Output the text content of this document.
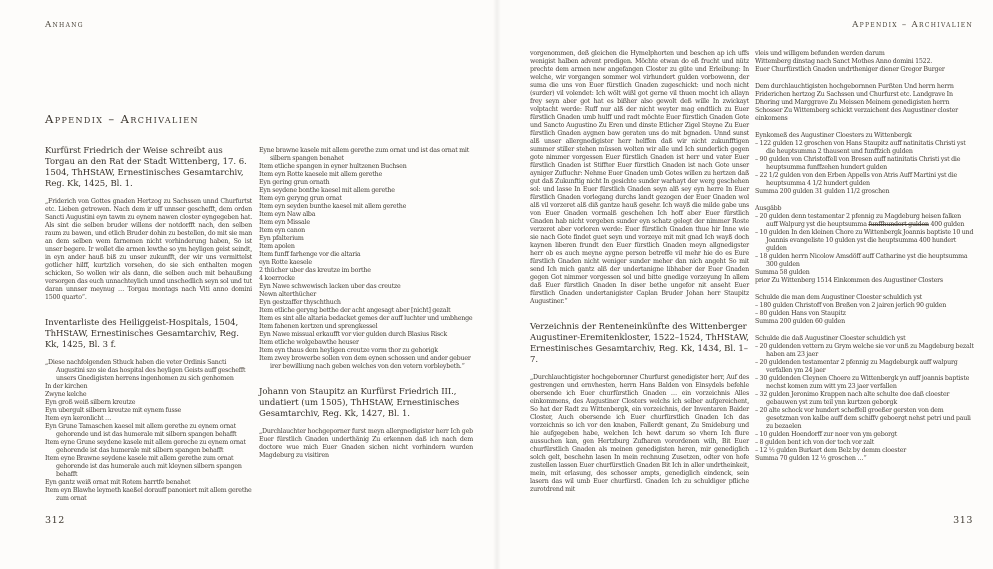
Anhang
Appendix – Archivalien
Kurfürst Friedrich der Weise schreibt aus Torgau an den Rat der Stadt Wittenberg, 17. 6. 1504, ThHStAW, Ernestinisches Gesamtarchiv, Reg. Kk, 1425, Bl. 1.

„Friderich von Gottes gnaden Hertzog zu Sachssen unnd Churfurtst etc. Lieben getrewen. Nach dem ir uff unnser geschefft, dem orden Sancti Augustini eyn tawm zu eynem nawen closter eyngegeben hat. Als sint die selben bruder willens der notdorfft nach, den selben raum zu bawen, und etlich Bruder dohin zu bestellen, do mit sie man an dem selben wem farnemen nicht vorhinderung haben, So ist unser begere. Ir wollet die armen lewthe so ym heyligen geist seindt, in eyn ander hauß biß zu unser zukunfft, der wir uns vermittelst gotlicher hilff, kurtzlich vorsehen, do sie sich enthalten mogen schicken, So wollen wir als dann, die selben auch mit behaußung versorgen das euch unnachteylich unnd unschedlich seyn sol und tut daran unnser meynug … Torgau montags nach Viti anno domini 1500 quarto“.

Inventarliste des Heiliggeist-Hospitals, 1504, ThHStAW, Ernestinisches Gesamtarchiv, Reg. Kk, 1425, Bl. 3 f.
„Diese nachfolgenden Sthuck haben die veter Ordinis Sancti Augustini szo sie das hospital des heyligen Geists auff geschefft unsers Gnedigisten herrens ingenhomen zu sich genhomen
In der kirchen
Zwyne kelche
Eyn groß weiß silbern kreutze
Eyn ubergult silbern kreutze mit eynem fusse
Item eyn keronlicht …
Eyn Grune Tamaschen kaesel mit allem gerethe zu eynem ornat gehorende und ist das humerale mit silbern spangen behafft
Item eyne Grune seydene kasele mit allem gereche zu eynem ornat gehorende ist das humerale mit silbern spangen behafft
Item eyne Brawne seydene kasele mit allem gerethe zum ornat gehorende ist das humerale auch mit kleynen silbern spangen behafft
Eyn gantz weiß ornat mit Rotem harrtfe benahet
Item eyn Blawhe leymeth kaeßel dorauff panoniert mit allem gerethe zum ornat
Eyne brawne kasele mit allem gerethe zum ornat und ist das ornat mit silbern spangen benahet
Item etliche spangen in eyner hultzenen Buchsen
Item eyn Rotte kaesele mit allem gerethe
Eyn gering grun ornath
Eyn seydene bonthe kaesel mit allem gerethe
Item eyn geryng grun ornat
Item eyn seyden bunthe kaesel mit allem gerethe
Item eyn Naw alba
Item eyn Missale
Item eyn canon
Eyn pfalterium
Item apolen
Item funff farhenge vor die altaria
eyn Rotte kaesele
2 thücher uber das kreutze im borthe
4 koerrocke
Eyn Nawe schwewisch lacken uber das creutze
Newn alterthücher
Eyn gestzaffer thyschthuch
Item etliche geryng betthe der acht angesagt aber [nicht] gezalt
Item es sint alle altaria bedacket gemes der auff luchter und umbhenge
Item fahenen kertzen und sprengkessel
Eyn Nawe missual erkaufft vor vier gulden durch Blasius Risck
Item etliche wolgebawthe heuser
Item eyn thaus dem heyligen creutze vorm thor zu gehorigk
Item zwey browerbe sollen von dem eynen schossen und ander gebuer irer bewilliung nach geben welches von den vetern vorbleybeth.“
Johann von Staupitz an Kurfürst Friedrich III., undatiert (um 1505), ThHStAW, Ernestinisches Gesamtarchiv, Reg. Kk, 1427, Bl. 1.

„Durchlauchter hochgeporner furst meyn allergnedigister herr Ich geb Euer fürstlich Gnaden underthänig Zu erkennen daß ich nach dem doctore wue mich Euer Gnaden sichen nicht vorhindern wurden Magdeburg zu visitiren

312
Appendix – Archivalien

vorgenommen, deß gleichen die Hymelphorten und beschen ap ich uffs wenigist halben advent predigen. Möchte etwan do eß frucht und nütz prechte dem armen new angefangen Closter zu güte und Erleibung: In welche, wir vorgangen sommer wol virhundert gulden vorbowenn, der suma die uns von Euer fürstlich Gnaden zugeschickt: und noch nicht (surder) vil volendet: Ich wölt wißl got gerne vil thuen mocht ich allayn frey seyn aber got hat es bißher also gewolt deß wille In zwickayt volptacht werde: Ruff nur alß der nicht weyter mag endtlich zu Euer fürstlich Gnaden umb hulff und radt möchte Euer fürstlich Gnaden Gote und Sancto Augustino Zu Eren und dinste Etlicher Zigel Steyne Zu Euer fürstlich Gnaden aygnen baw geraten uns do mit bgnaden. Unnd sunst alß unser allergnedigister herr helffen daß wir nicht zukunfftigen summer stiller stehen müssen wolten wir alle und Ich sunderlich gegen gote nimmer vorgessen Euer fürstlich Gnaden ist herr und vater Euer fürstlich Gnaden ist Stiffter Euer fürstlich Gnaden ist nach Gote unser ayniger Zufluchr: Nehme Euer Gnaden umb Gotes willen zu hertzen daß gut daß Zukunftig nicht In gesichte sunder warhayt der werg geschehen sol: und lasse In Euer fürstlich Gnaden seyn alß sey eyn herre In Euer fürstlich Gnaden vorlegang durchs landt gezogen der Euer Gnaden wol alß vil vorzeret alß diß gantze hauß gesehr. Ich wayß die milde gabe uns von Euer Gnaden vormalß geschehen Ich hoff aber Euer fürstlich Gnaden hab nicht vorgeben sunder eyn schatz gelegt der nimmer Roste verzeret aber vorloren werde: Euer fürstlich Gnaden thue hir Inne wie sie nach Gote findet guet seyn und vorzeye mit mit gnad Ich wayß doch kaynen liberen frundt den Euer fürstlich Gnaden meyn allgnedigster herr ob es auch meyne aygne person betreffe vil mehr hie do es Eure fürstlich Gnaden nicht weniger sunder meher dan nich angeht So mit send Ich mich gantz alß der undertanigne libhaber der Euer Gnaden gegen Got nimmer vorgessen sol und bitte gnedige vorzeyung In allem daß Euer fürstlich Gnaden In diser bethe ungefor nit anseht Euer fürstlich Gnaden undertanigister Caplan Bruder Johan herr Staupitz Augustiner.“

Verzeichnis der Renteneinkünfte des Wittenberger Augustiner-Eremitenkloster, 1522–1524, ThHStAW, Ernestinisches Gesamtarchiv, Reg. Kk, 1434, Bl. 1–7.

„Durchlauchtigister hochgebornner Churfurst genedigister herr, Auf des gestrengen und ernvhesten, herrn Hans Balden von Einsydels befehle obersende ich Euer churfürstlich Gnaden … ein vorzeichnis Alles einkommens, des Augustiner Closters welchs ich selber aufgereichent, So hat der Radt zu Wittenbergk, ein vorzeichnis, der Inventaren Baider Closter, Auch obersende ich Euer churfürstlich Gnaden Ich das vorzeichnis so ich vor den knaben, Fallerdt genant, Zu Smideburg und hie aufgegeben habe, welchen Ich hewt darum so vhern Ich flure aussuchen kan, gen Hertzburg Zufharen vorordenen wilh, Bit Euer churfürstlich Gnaden als meinen genedigisten heren, mir genediglich solch gelt, beschehn lasen In mein rechnung Zusetzen, odter von hofe zustellen lassen Euer churfürstlich Gnaden Bit Ich in aller undrtheinkeit, mein, mit erlasung, des schosser ampts, genediglich eindenck, sein lasern das wil umb Euer churfürstl. Gnaden Ich zu schuldiger pfliche zurotdrend mit

vleis und willigem befunden werden darum
Wittemberg dinstag nach Sanct Mothes Anno domini 1522.
Euer Churfürstlich Gnaden undrtheniger diener Gregor Burger
Dem durchlauchtigisten hochgebornnen Furßten Und herrn herrn Friderichen hertzog Zu Sachssen und Churfurst etc. Landgrave In Dhoring und Marggrave Zu Meissen Meinem genedigisten herrn
Schosser Zu Wittemberg schickt verzaichent des Augustiner closter einkomens
Eynkomeß des Augustiner Cloesters zu Wittenbergk
– 122 gulden 12 groschen von Hans Staupitz auff natinitatis Christi yst die heuptsumma 2 thausent und funffzich gulden
– 90 gulden von Christoffell von Bresen auff natinitatis Christi yst die heuptsumma funffzehen hundert gulden
– 22 1/2 gulden von den Erben Appells von Atris Auff Martini yst die heuptsumma 4 1/2 hundert gulden
Summa 200 gulden 31 gulden 11/2 groschen
Ausgäbb
– 20 gulden denn testamentar 2 pfennig zu Magdeburg heisen falken auff Walpurg yst die heuptsumma funffhundert gulden 400 gulden
– 10 gulden In den kleinen Chore zu Wittenbergk Joannis baptiste 10 und Joannis evangeliste 10 gulden yst die heuptsumma 400 hundert gulden
– 18 gulden herrn Nicolow Amsdöff auff Catharine yst die heuptsumma 300 gulden
Summa 58 gulden
prior Zu Wittenberg 1514 Einkommen des Augustiner Closters
Schulde die man dem Augustiner Cloester schuldich yst
– 180 gulden Christoff von Breßen von 2 jairen jerlich 90 gulden
– 80 gulden Hans von Staupitz
Summa 200 gulden 60 gulden
Schulde die daß Augustiner Cloester schuldich yst
– 20 guldenden vettern zu Grym welche sie vor unß zu Magdeburg bezalt haben am 23 jaer
– 20 guldenden testamentar 2 pfennig zu Magdeburgk auff walpurg verfallen ym 24 jaer
– 30 guldenden Cleynen Choere zu Wittenbergk yn auff joannis baptiste nechst komen zum witt ym 23 jaer verfallen
– 32 gulden Jeronimo Krappen nach alte schulte doe daß cloester gebauwen yst zum teil ynn kurtzen geborgk
– 20 alte schock vor hundert scheffell groeßer gersten von dem gesetzman von kalbe auff dem schiffv geboergt nehst petri und pauli zu bezaelen
– 10 gulden Hoendorff zur noer von ym geborgt
– 8 gulden bent ich von der toch vor zalt
– 12 ½ gulden Burkart dem Belz by demm cloester
Summa 70 gulden 12 ½ groschen …“
313
